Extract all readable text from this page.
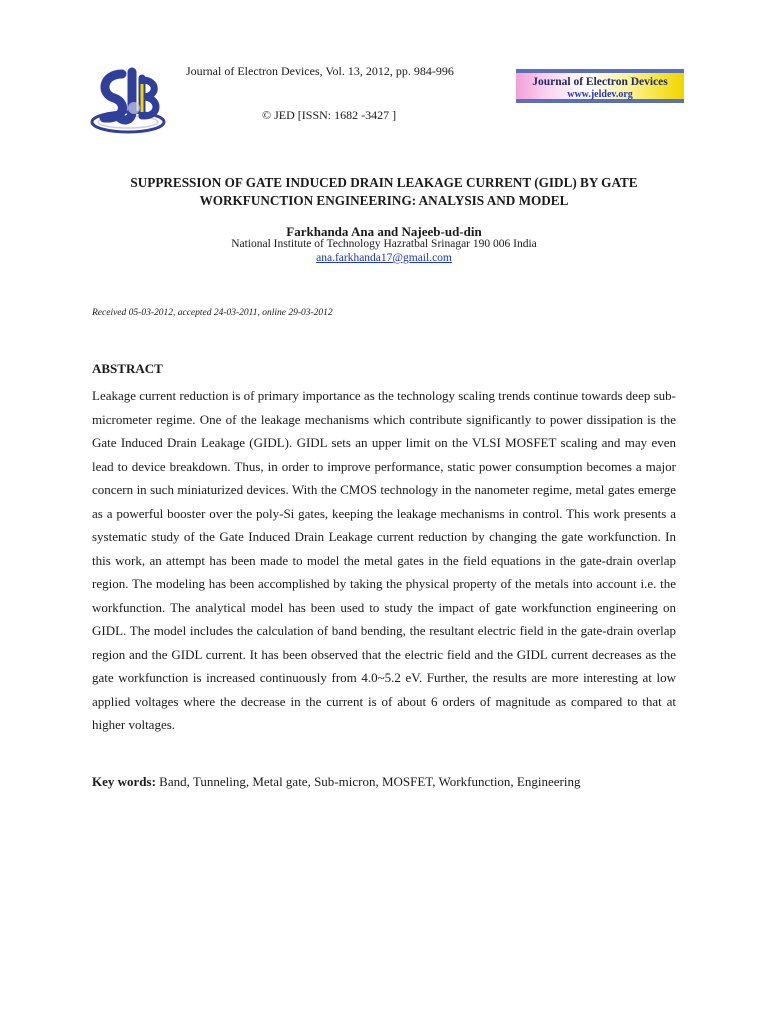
Journal of Electron Devices, Vol. 13, 2012, pp. 984-996
© JED [ISSN: 1682 -3427 ]
Journal of Electron Devices
www.jeldev.org
SUPPRESSION OF GATE INDUCED DRAIN LEAKAGE CURRENT (GIDL) BY GATE WORKFUNCTION ENGINEERING: ANALYSIS AND MODEL
Farkhanda Ana and Najeeb-ud-din
National Institute of Technology Hazratbal Srinagar 190 006 India
ana.farkhanda17@gmail.com
Received 05-03-2012, accepted 24-03-2011, online 29-03-2012
ABSTRACT

Leakage current reduction is of primary importance as the technology scaling trends continue towards deep sub-micrometer regime. One of the leakage mechanisms which contribute significantly to power dissipation is the Gate Induced Drain Leakage (GIDL). GIDL sets an upper limit on the VLSI MOSFET scaling and may even lead to device breakdown. Thus, in order to improve performance, static power consumption becomes a major concern in such miniaturized devices. With the CMOS technology in the nanometer regime, metal gates emerge as a powerful booster over the poly-Si gates, keeping the leakage mechanisms in control. This work presents a systematic study of the Gate Induced Drain Leakage current reduction by changing the gate workfunction. In this work, an attempt has been made to model the metal gates in the field equations in the gate-drain overlap region. The modeling has been accomplished by taking the physical property of the metals into account i.e. the workfunction. The analytical model has been used to study the impact of gate workfunction engineering on GIDL. The model includes the calculation of band bending, the resultant electric field in the gate-drain overlap region and the GIDL current. It has been observed that the electric field and the GIDL current decreases as the gate workfunction is increased continuously from 4.0~5.2 eV. Further, the results are more interesting at low applied voltages where the decrease in the current is of about 6 orders of magnitude as compared to that at higher voltages.

Key words: Band, Tunneling, Metal gate, Sub-micron, MOSFET, Workfunction, Engineering
